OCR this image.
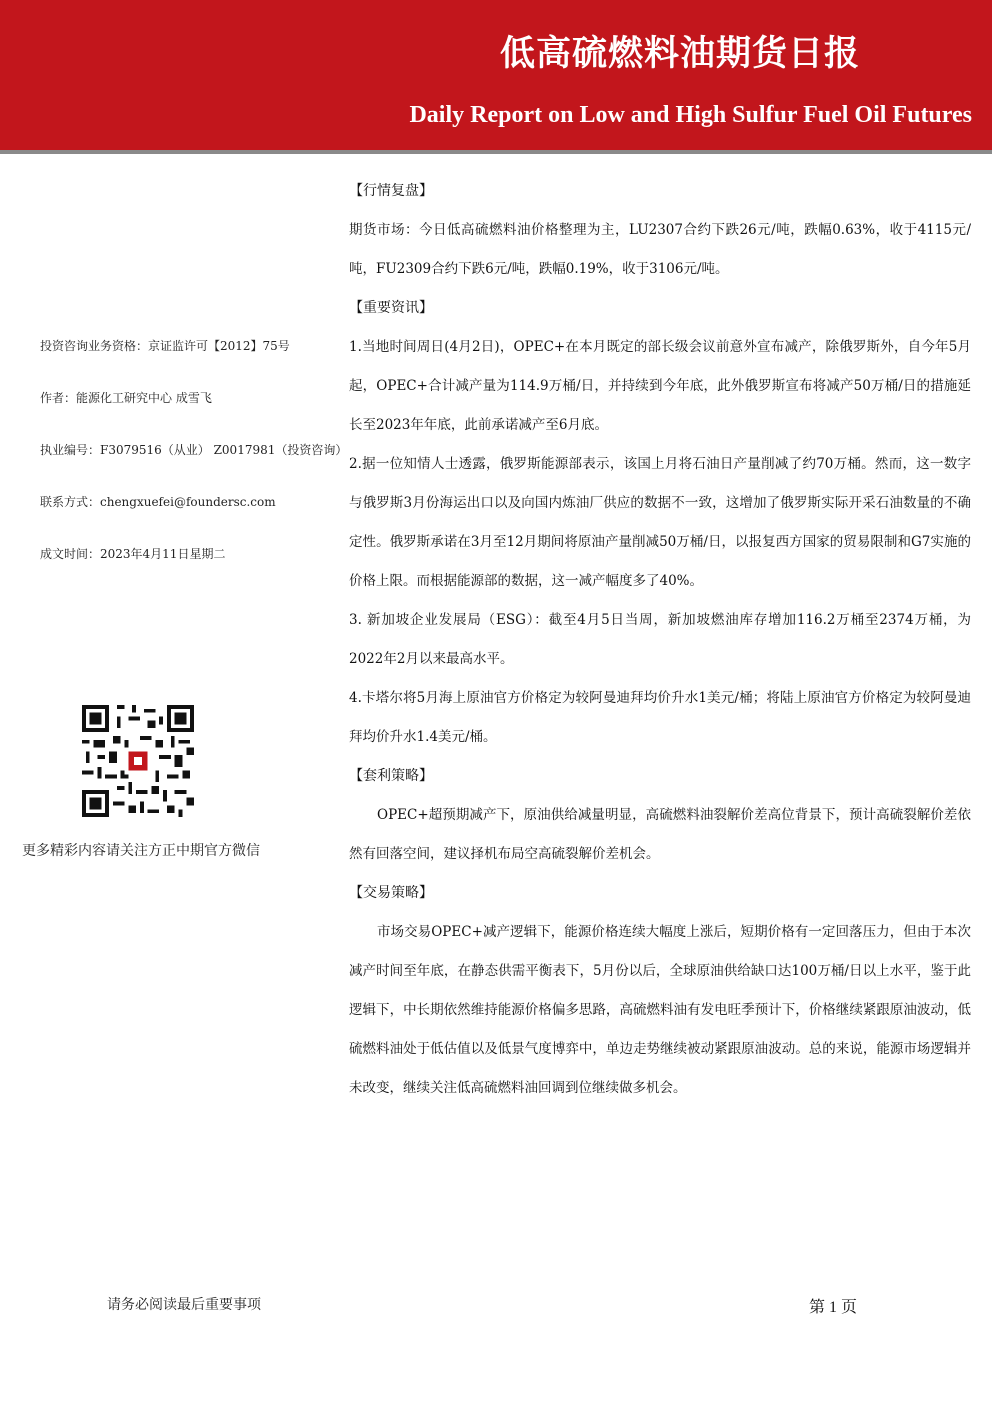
低高硫燃料油期货日报
Daily Report on Low and High Sulfur Fuel Oil Futures
投资咨询业务资格：京证监许可【2012】75号
作者：能源化工研究中心 成雪飞
执业编号：F3079516（从业） Z0017981（投资咨询）
联系方式：chengxuefei@foundersc.com
成文时间：2023年4月11日星期二
更多精彩内容请关注方正中期官方微信

【行情复盘】

期货市场：今日低高硫燃料油价格整理为主，LU2307合约下跌26元/吨，跌幅0.63%，收于4115元/吨，FU2309合约下跌6元/吨，跌幅0.19%，收于3106元/吨。

【重要资讯】

1.当地时间周日(4月2日)，OPEC+在本月既定的部长级会议前意外宣布减产，除俄罗斯外，自今年5月起，OPEC+合计减产量为114.9万桶/日，并持续到今年底，此外俄罗斯宣布将减产50万桶/日的措施延长至2023年年底，此前承诺减产至6月底。

2.据一位知情人士透露，俄罗斯能源部表示，该国上月将石油日产量削减了约70万桶。然而，这一数字与俄罗斯3月份海运出口以及向国内炼油厂供应的数据不一致，这增加了俄罗斯实际开采石油数量的不确定性。俄罗斯承诺在3月至12月期间将原油产量削减50万桶/日，以报复西方国家的贸易限制和G7实施的价格上限。而根据能源部的数据，这一减产幅度多了40%。

3. 新加坡企业发展局（ESG）：截至4月5日当周，新加坡燃油库存增加116.2万桶至2374万桶，为2022年2月以来最高水平。

4.卡塔尔将5月海上原油官方价格定为较阿曼迪拜均价升水1美元/桶；将陆上原油官方价格定为较阿曼迪拜均价升水1.4美元/桶。

【套利策略】

OPEC+超预期减产下，原油供给减量明显，高硫燃料油裂解价差高位背景下，预计高硫裂解价差依然有回落空间，建议择机布局空高硫裂解价差机会。

【交易策略】

市场交易OPEC+减产逻辑下，能源价格连续大幅度上涨后，短期价格有一定回落压力，但由于本次减产时间至年底，在静态供需平衡表下，5月份以后，全球原油供给缺口达100万桶/日以上水平，鉴于此逻辑下，中长期依然维持能源价格偏多思路，高硫燃料油有发电旺季预计下，价格继续紧跟原油波动，低硫燃料油处于低估值以及低景气度博弈中，单边走势继续被动紧跟原油波动。总的来说，能源市场逻辑并未改变，继续关注低高硫燃料油回调到位继续做多机会。

请务必阅读最后重要事项	第 1 页
